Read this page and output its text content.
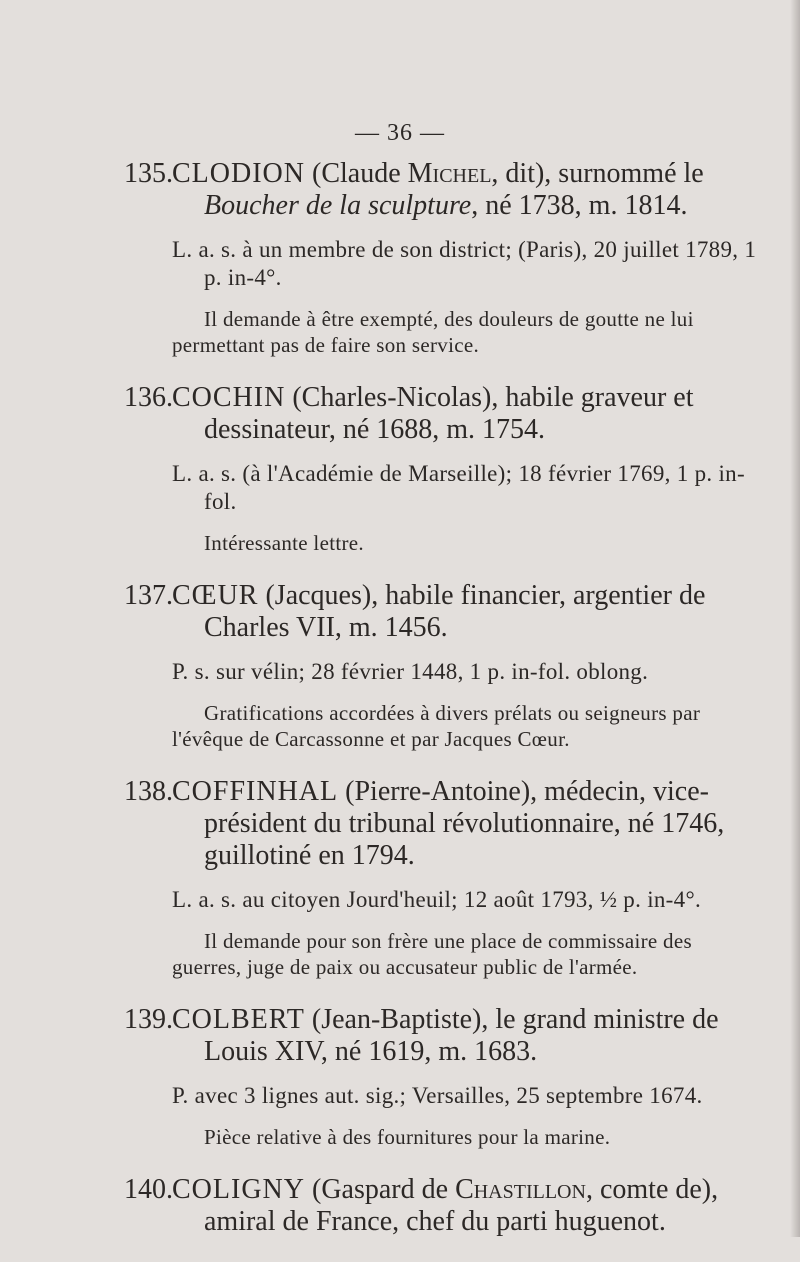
— 36 —
135. CLODION (Claude Michel, dit), surnommé le Boucher de la sculpture, né 1738, m. 1814.
L. a. s. à un membre de son district; (Paris), 20 juillet 1789, 1 p. in-4°.
Il demande à être exempté, des douleurs de goutte ne lui permettant pas de faire son service.
136. COCHIN (Charles-Nicolas), habile graveur et dessinateur, né 1688, m. 1754.
L. a. s. (à l'Académie de Marseille); 18 février 1769, 1 p. in-fol.
Intéressante lettre.
137. CŒUR (Jacques), habile financier, argentier de Charles VII, m. 1456.
P. s. sur vélin; 28 février 1448, 1 p. in-fol. oblong.
Gratifications accordées à divers prélats ou seigneurs par l'évêque de Carcassonne et par Jacques Cœur.
138. COFFINHAL (Pierre-Antoine), médecin, vice-président du tribunal révolutionnaire, né 1746, guillotiné en 1794.
L. a. s. au citoyen Jourd'heuil; 12 août 1793, ½ p. in-4°.
Il demande pour son frère une place de commissaire des guerres, juge de paix ou accusateur public de l'armée.
139. COLBERT (Jean-Baptiste), le grand ministre de Louis XIV, né 1619, m. 1683.
P. avec 3 lignes aut. sig.; Versailles, 25 septembre 1674.
Pièce relative à des fournitures pour la marine.
140. COLIGNY (Gaspard de Chastillon, comte de), amiral de France, chef du parti huguenot.
